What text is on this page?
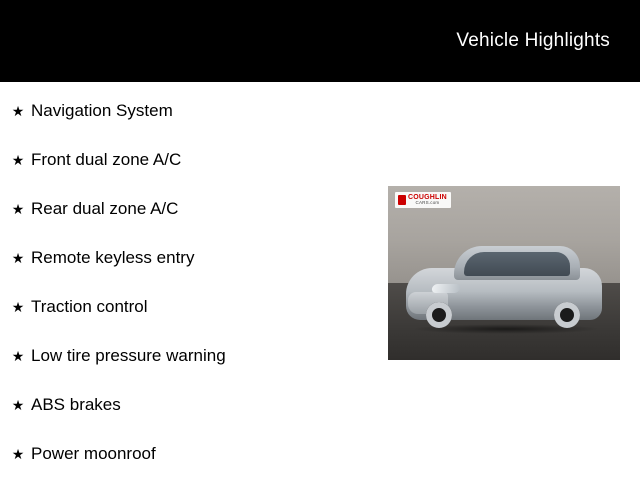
Vehicle Highlights
★ Navigation System
★ Front dual zone A/C
★ Rear dual zone A/C
★ Remote keyless entry
★ Traction control
★ Low tire pressure warning
★ ABS brakes
★ Power moonroof
COUGHLIN
CARS.com
